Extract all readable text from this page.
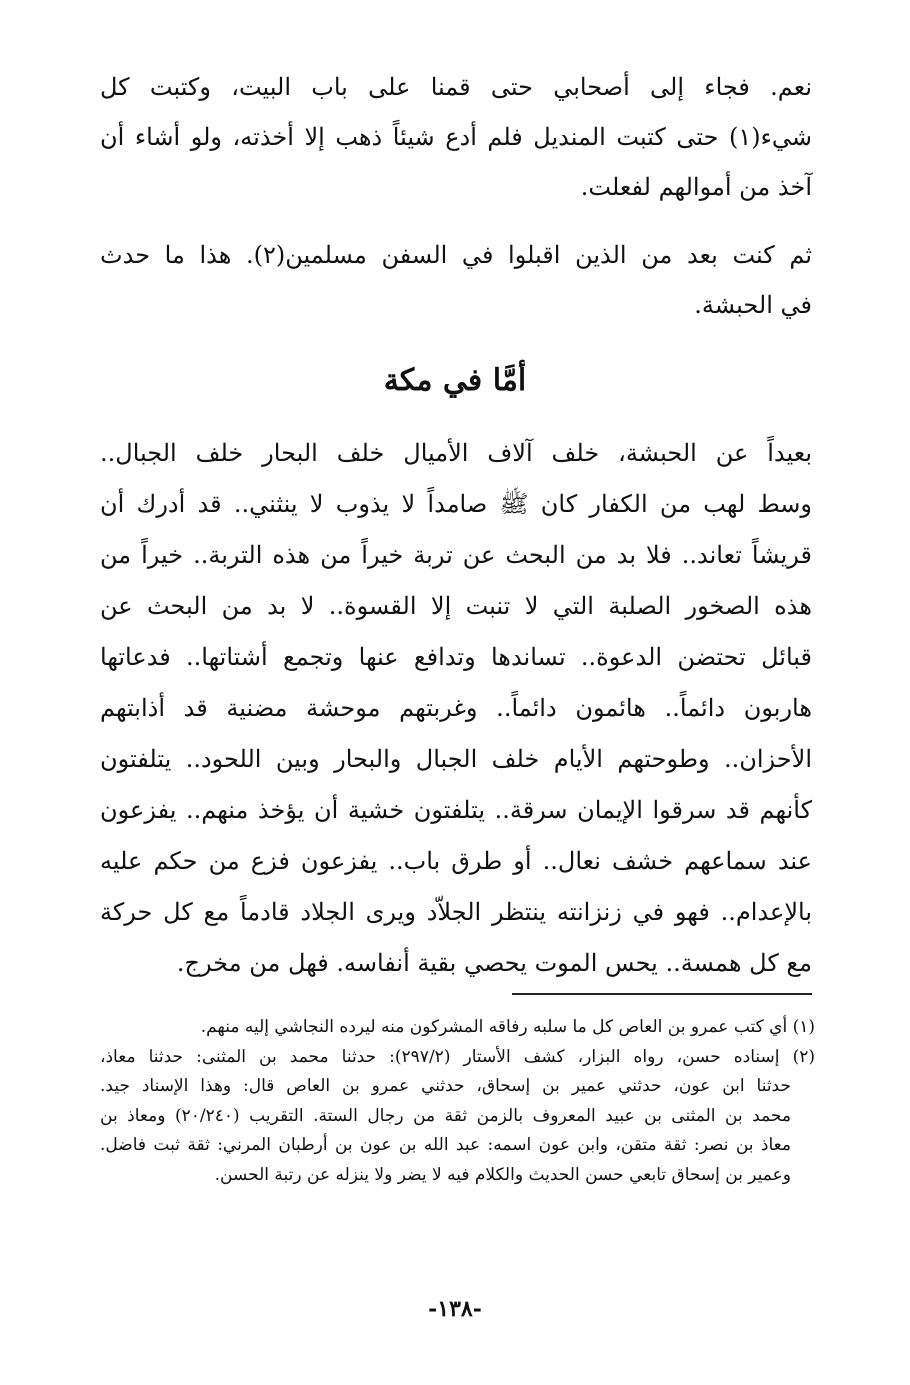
نعم. فجاء إلى أصحابي حتى قمنا على باب البيت، وكتبت كل
شيء(١) حتى كتبت المنديل فلم أدع شيئاً ذهب إلا أخذته، ولو أشاء أن
آخذ من أموالهم لفعلت.
ثم كنت بعد من الذين اقبلوا في السفن مسلمين(٢). هذا ما حدث
في الحبشة.
أمَّا في مكة
بعيداً عن الحبشة، خلف آلاف الأميال خلف البحار خلف الجبال..
وسط لهب من الكفار كان ﷺ صامداً لا يذوب لا ينثني.. قد أدرك أن
قريشاً تعاند.. فلا بد من البحث عن تربة خيراً من هذه التربة.. خيراً من
هذه الصخور الصلبة التي لا تنبت إلا القسوة.. لا بد من البحث عن
قبائل تحتضن الدعوة.. تساندها وتدافع عنها وتجمع أشتاتها.. فدعاتها
هاربون دائماً.. هائمون دائماً.. وغربتهم موحشة مضنية قد أذابتهم
الأحزان.. وطوحتهم الأيام خلف الجبال والبحار وبين اللحود.. يتلفتون
كأنهم قد سرقوا الإيمان سرقة.. يتلفتون خشية أن يؤخذ منهم.. يفزعون
عند سماعهم خشف نعال.. أو طرق باب.. يفزعون فزع من حكم عليه
بالإعدام.. فهو في زنزانته ينتظر الجلاّد ويرى الجلاد قادماً مع كل حركة
مع كل همسة.. يحس الموت يحصي بقية أنفاسه. فهل من مخرج.
(١) أي كتب عمرو بن العاص كل ما سلبه رفاقه المشركون منه ليرده النجاشي إليه منهم.
(٢) إسناده حسن، رواه البزار، كشف الأستار (٢٩٧/٢): حدثنا محمد بن المثنى: حدثنا معاذ،
حدثنا ابن عون، حدثني عمير بن إسحاق، حدثني عمرو بن العاص قال: وهذا الإسناد جيد.
محمد بن المثنى بن عبيد المعروف بالزمن ثقة من رجال الستة. التقريب (٢٠/٢٤٠) ومعاذ بن
معاذ بن نصر: ثقة متقن، وابن عون اسمه: عبد الله بن عون بن أرطبان المرني: ثقة ثبت فاضل.
وعمير بن إسحاق تابعي حسن الحديث والكلام فيه لا يضر ولا ينزله عن رتبة الحسن.
-١٣٨-
